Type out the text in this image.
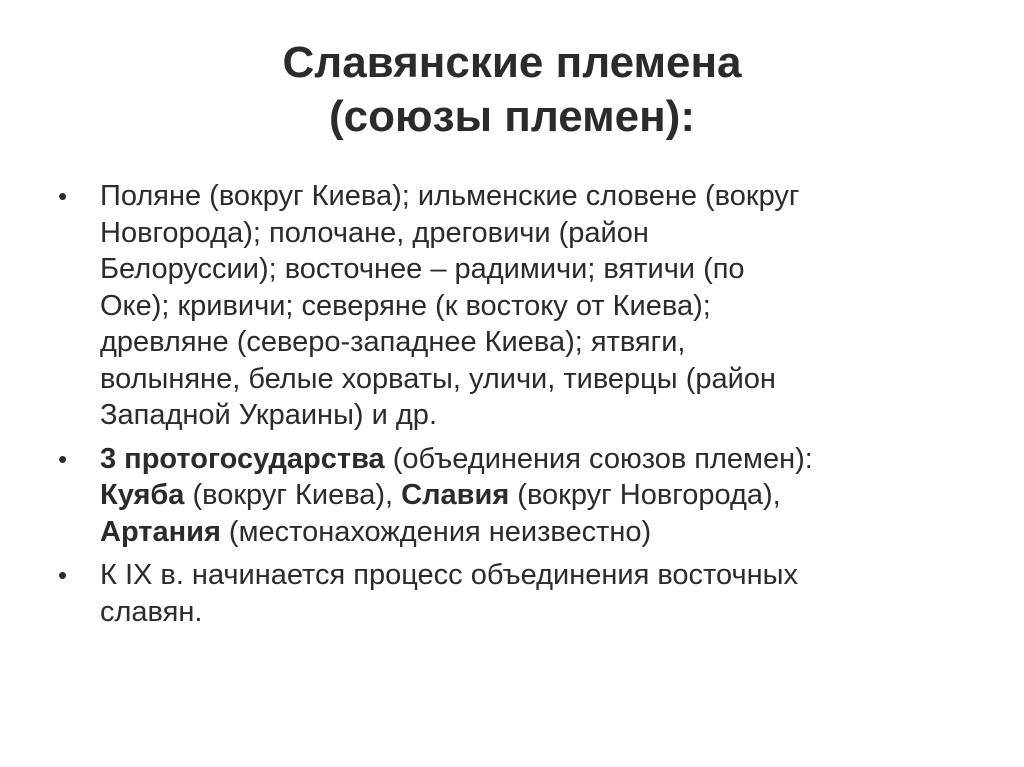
Славянские племена
(союзы племен):
• Поляне (вокруг Киева); ильменские словене (вокруг
Новгорода); полочане, дреговичи (район
Белоруссии); восточнее – радимичи; вятичи (по
Оке); кривичи; северяне (к востоку от Киева);
древляне (северо-западнее Киева); ятвяги,
волыняне, белые хорваты, уличи, тиверцы (район
Западной Украины) и др.
• 3 протогосударства (объединения союзов племен):
Куяба (вокруг Киева), Славия (вокруг Новгорода),
Артания (местонахождения неизвестно)
• К IX в. начинается процесс объединения восточных
славян.
